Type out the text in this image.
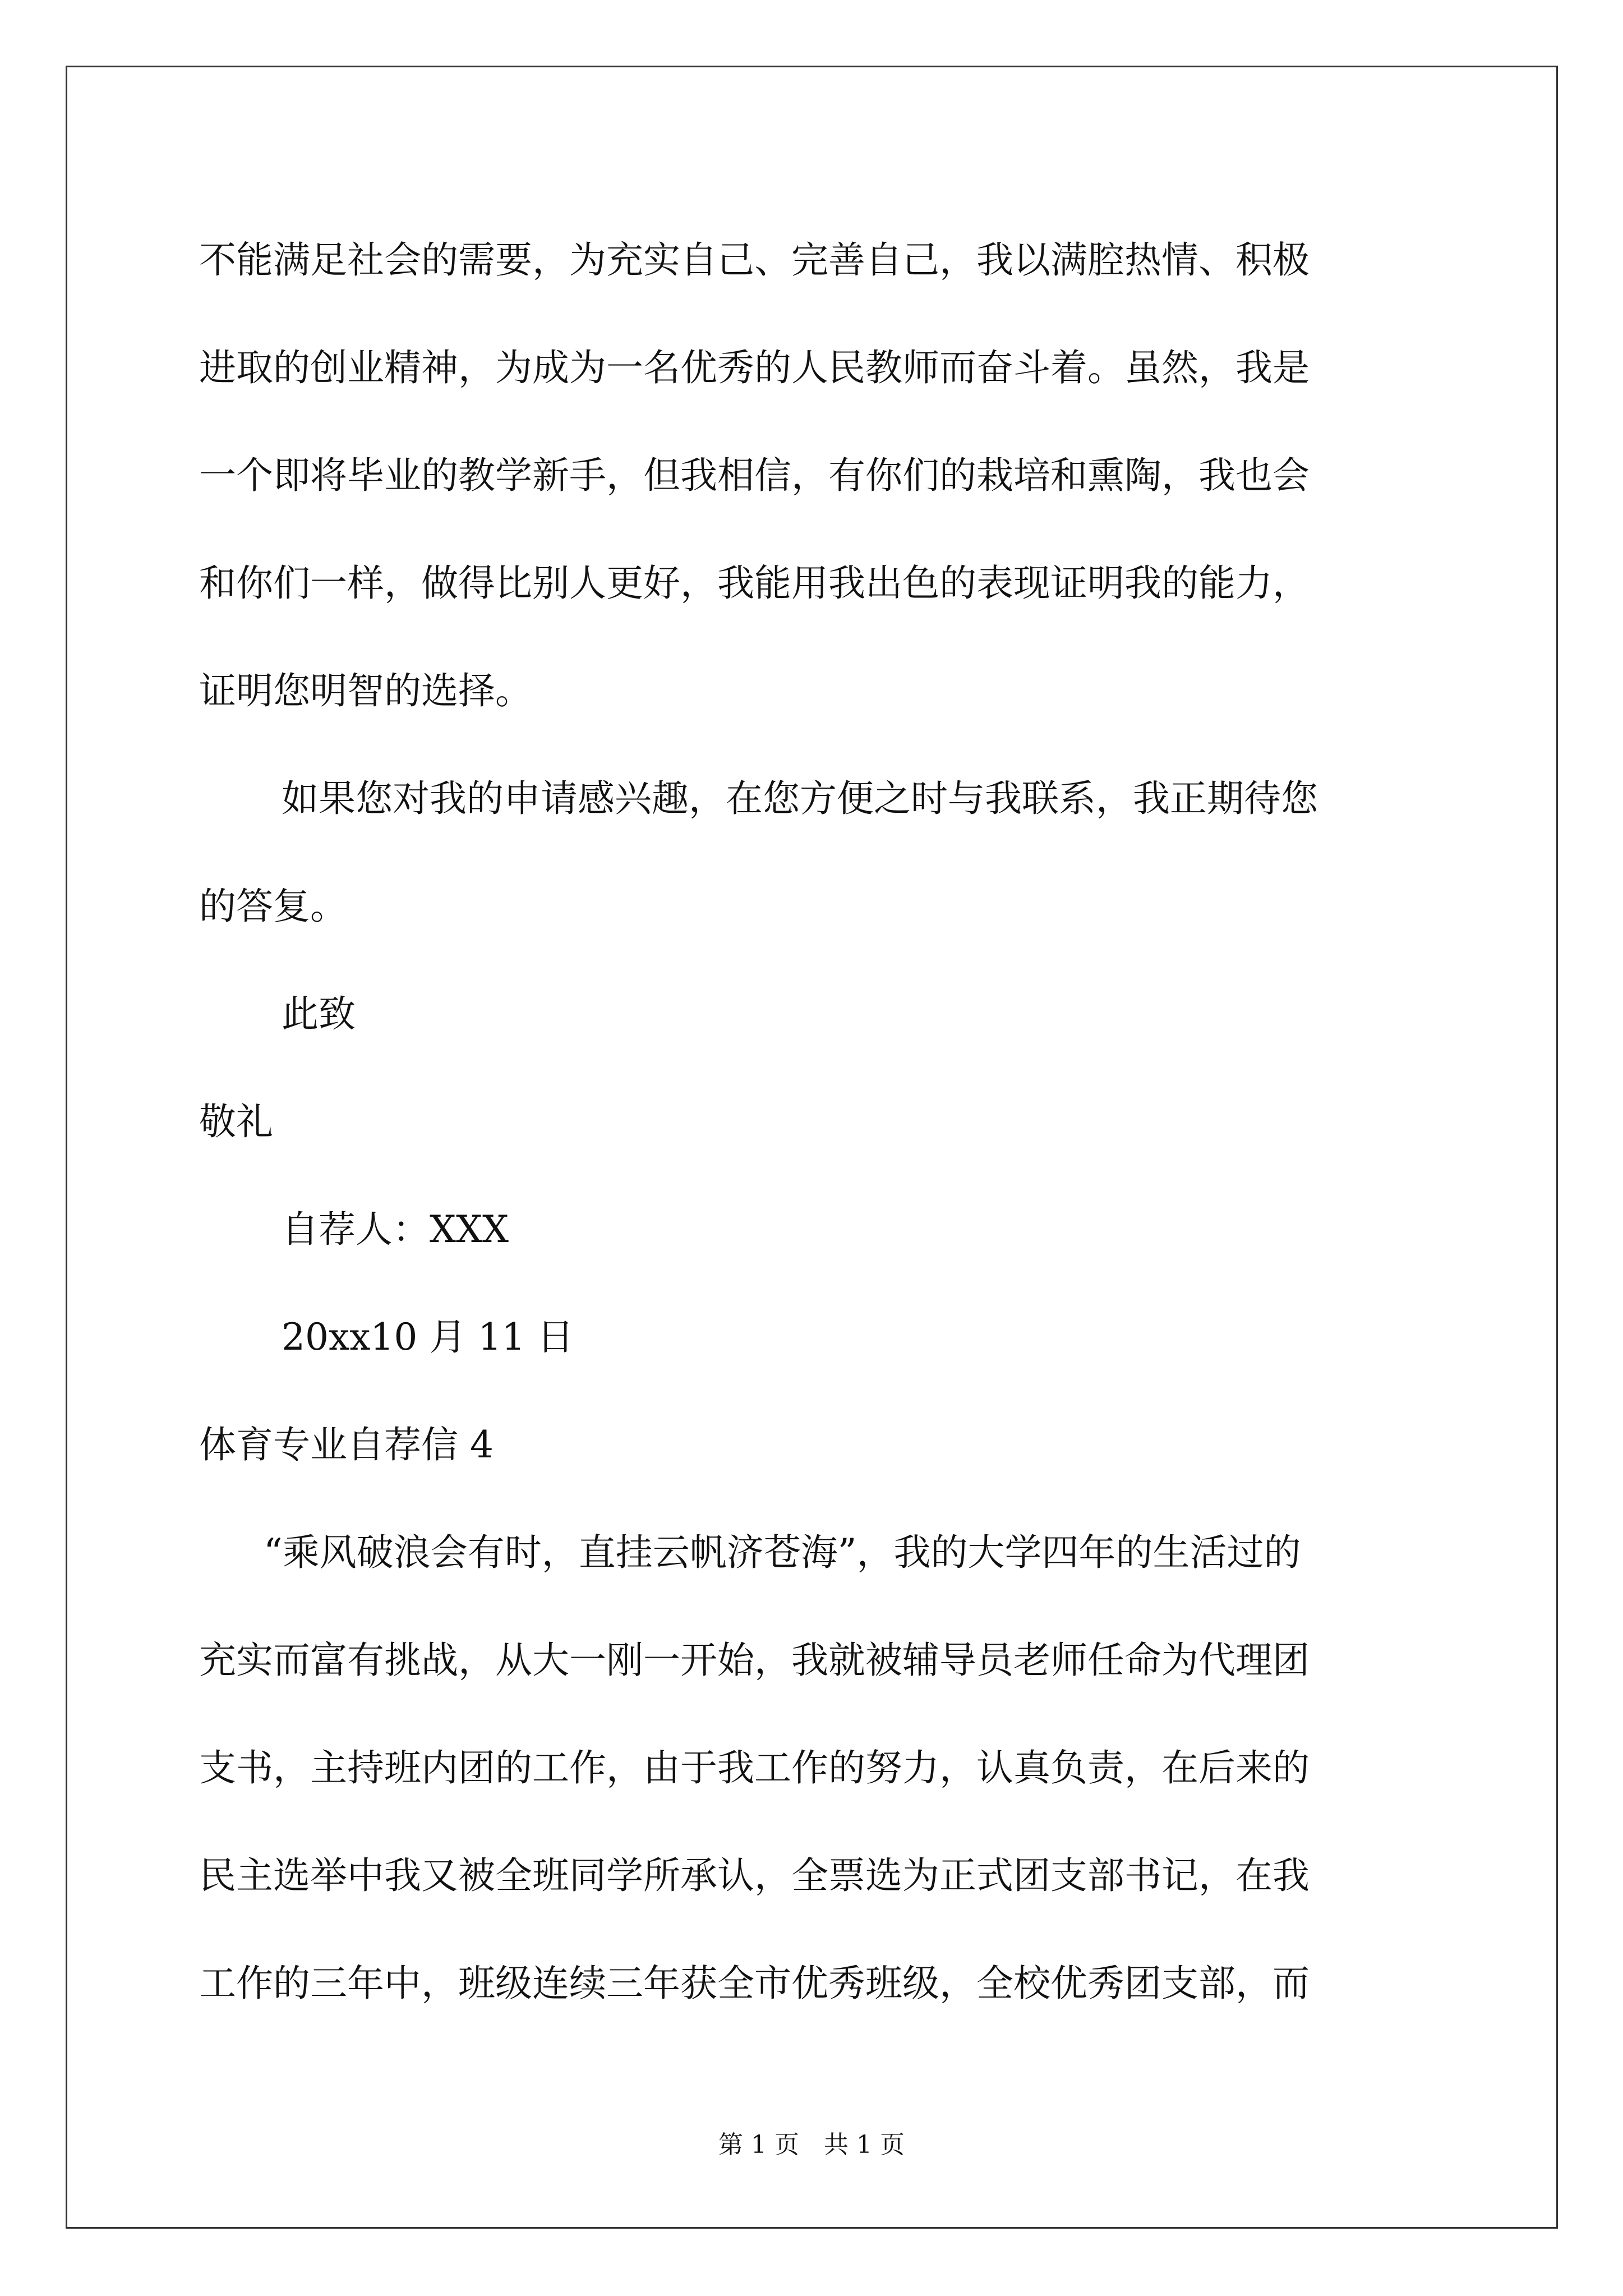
不能满足社会的需要，为充实自己、完善自己，我以满腔热情、积极

进取的创业精神，为成为一名优秀的人民教师而奋斗着。虽然，我是

一个即将毕业的教学新手，但我相信，有你们的栽培和熏陶，我也会

和你们一样，做得比别人更好，我能用我出色的表现证明我的能力，

证明您明智的选择。

如果您对我的申请感兴趣，在您方便之时与我联系，我正期待您

的答复。

此致

敬礼

自荐人：XXX

20xx10 月 11 日

体育专业自荐信 4

“乘风破浪会有时，直挂云帆济苍海”，我的大学四年的生活过的

充实而富有挑战，从大一刚一开始，我就被辅导员老师任命为代理团

支书，主持班内团的工作，由于我工作的努力，认真负责，在后来的

民主选举中我又被全班同学所承认，全票选为正式团支部书记，在我

工作的三年中，班级连续三年获全市优秀班级，全校优秀团支部，而

第 1 页　共 1 页
